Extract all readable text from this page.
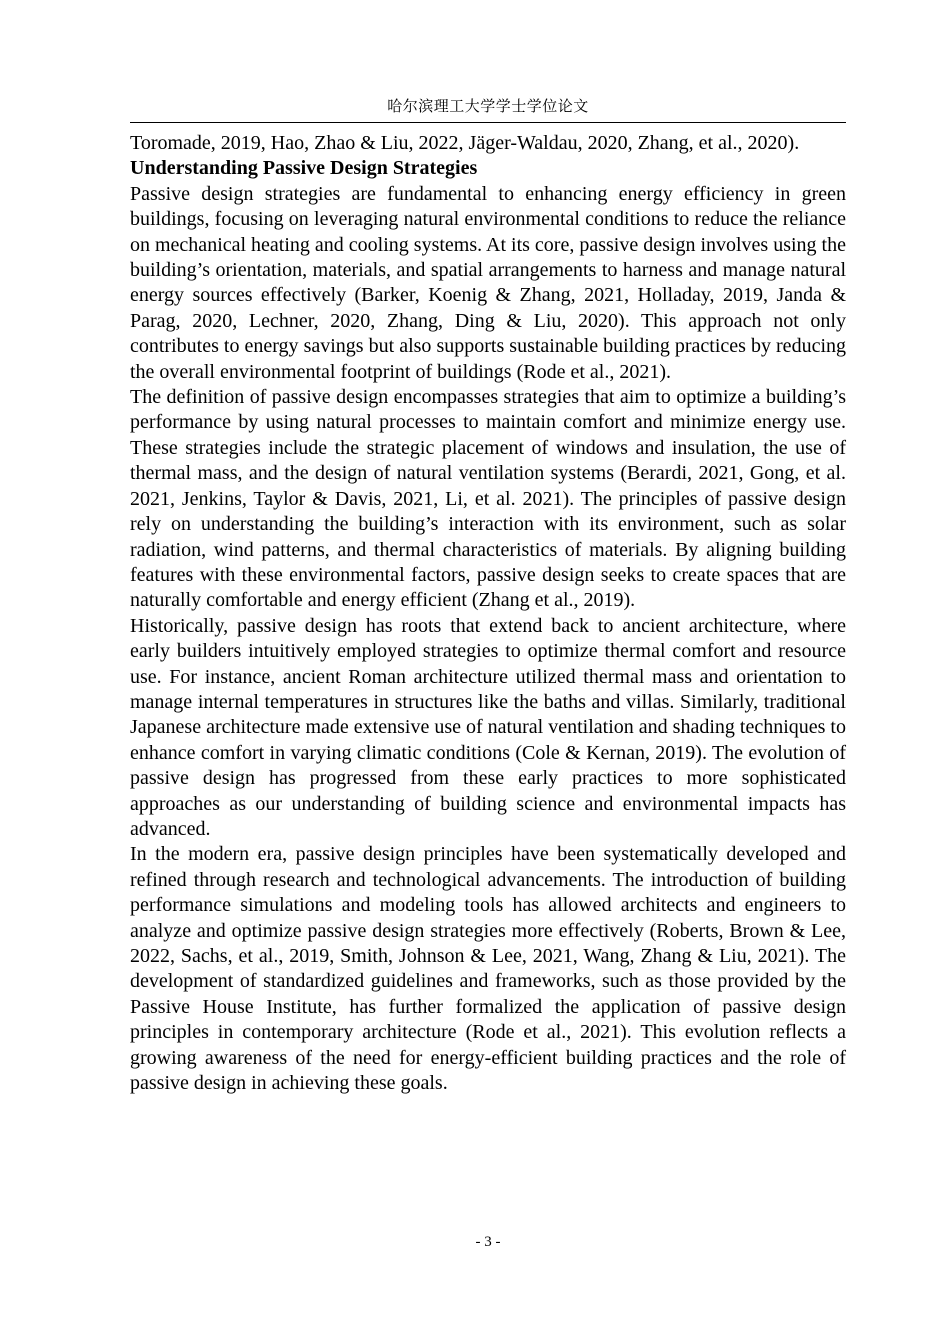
哈尔滨理工大学学士学位论文

Toromade, 2019, Hao, Zhao & Liu, 2022, Jäger-Waldau, 2020, Zhang, et al., 2020).

Understanding Passive Design Strategies

Passive design strategies are fundamental to enhancing energy efficiency in green buildings, focusing on leveraging natural environmental conditions to reduce the reliance on mechanical heating and cooling systems. At its core, passive design involves using the building’s orientation, materials, and spatial arrangements to harness and manage natural energy sources effectively (Barker, Koenig & Zhang, 2021, Holladay, 2019, Janda & Parag, 2020, Lechner, 2020, Zhang, Ding & Liu, 2020). This approach not only contributes to energy savings but also supports sustainable building practices by reducing the overall environmental footprint of buildings (Rode et al., 2021).

The definition of passive design encompasses strategies that aim to optimize a building’s performance by using natural processes to maintain comfort and minimize energy use. These strategies include the strategic placement of windows and insulation, the use of thermal mass, and the design of natural ventilation systems (Berardi, 2021, Gong, et al. 2021, Jenkins, Taylor & Davis, 2021, Li, et al. 2021). The principles of passive design rely on understanding the building’s interaction with its environment, such as solar radiation, wind patterns, and thermal characteristics of materials. By aligning building features with these environmental factors, passive design seeks to create spaces that are naturally comfortable and energy efficient (Zhang et al., 2019).

Historically, passive design has roots that extend back to ancient architecture, where early builders intuitively employed strategies to optimize thermal comfort and resource use. For instance, ancient Roman architecture utilized thermal mass and orientation to manage internal temperatures in structures like the baths and villas. Similarly, traditional Japanese architecture made extensive use of natural ventilation and shading techniques to enhance comfort in varying climatic conditions (Cole & Kernan, 2019). The evolution of passive design has progressed from these early practices to more sophisticated approaches as our understanding of building science and environmental impacts has advanced.

In the modern era, passive design principles have been systematically developed and refined through research and technological advancements. The introduction of building performance simulations and modeling tools has allowed architects and engineers to analyze and optimize passive design strategies more effectively (Roberts, Brown & Lee, 2022, Sachs, et al., 2019, Smith, Johnson & Lee, 2021, Wang, Zhang & Liu, 2021). The development of standardized guidelines and frameworks, such as those provided by the Passive House Institute, has further formalized the application of passive design principles in contemporary architecture (Rode et al., 2021). This evolution reflects a growing awareness of the need for energy-efficient building practices and the role of passive design in achieving these goals.

- 3 -
